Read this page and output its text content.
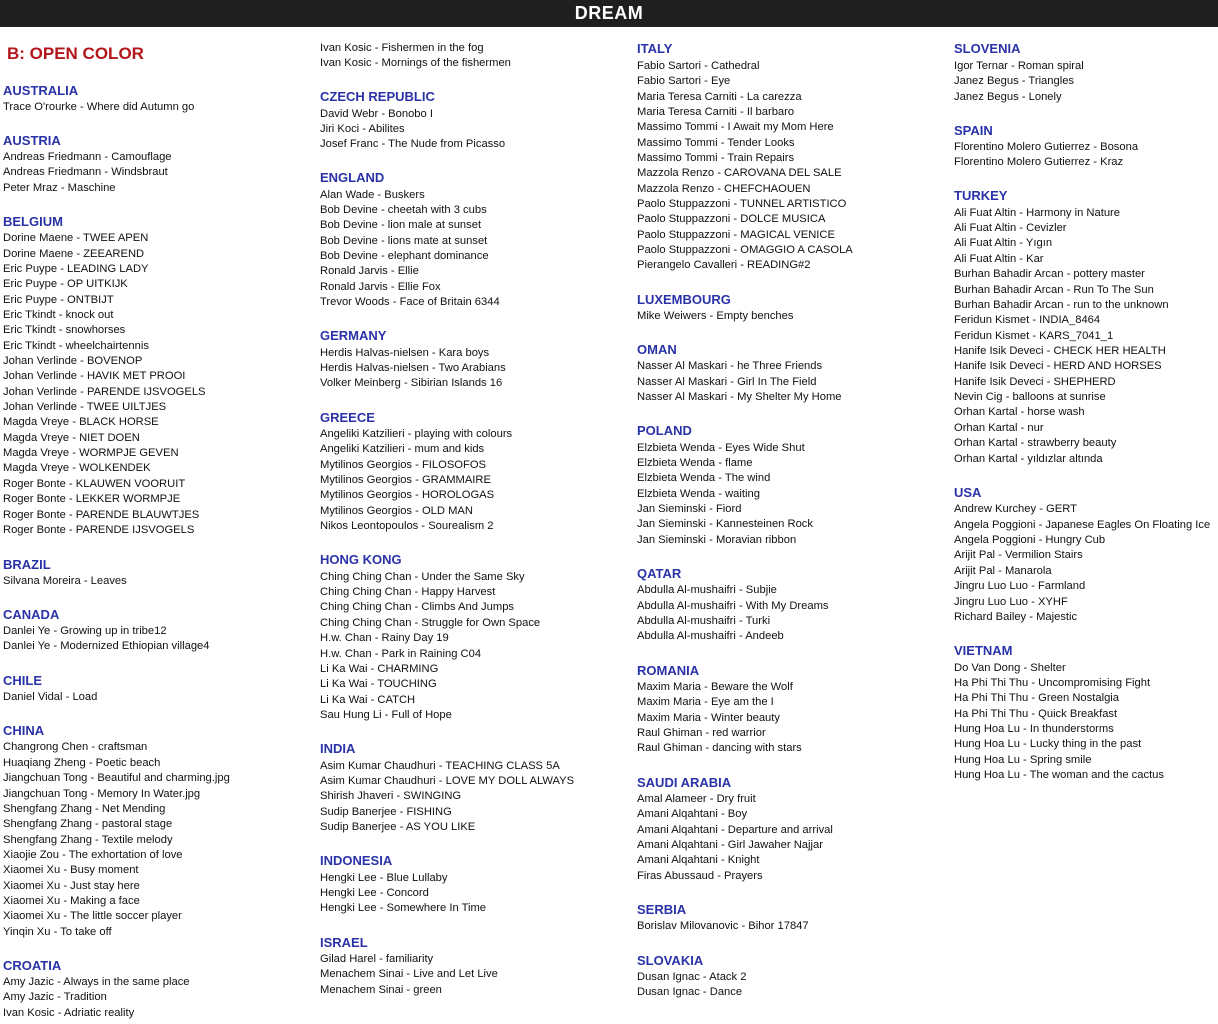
DREAM
B: OPEN COLOR
AUSTRALIA
Trace O'rourke - Where did Autumn go
AUSTRIA
Andreas Friedmann - Camouflage
Andreas Friedmann - Windsbraut
Peter Mraz - Maschine
BELGIUM
Dorine Maene - TWEE APEN
Dorine Maene - ZEEAREND
Eric Puype - LEADING LADY
Eric Puype - OP UITKIJK
Eric Puype - ONTBIJT
Eric Tkindt - knock out
Eric Tkindt - snowhorses
Eric Tkindt - wheelchairtennis
Johan Verlinde - BOVENOP
Johan Verlinde - HAVIK MET PROOI
Johan Verlinde - PARENDE IJSVOGELS
Johan Verlinde - TWEE UILTJES
Magda Vreye - BLACK HORSE
Magda Vreye - NIET DOEN
Magda Vreye - WORMPJE GEVEN
Magda Vreye - WOLKENDEK
Roger Bonte - KLAUWEN VOORUIT
Roger Bonte - LEKKER WORMPJE
Roger Bonte - PARENDE BLAUWTJES
Roger Bonte - PARENDE IJSVOGELS
BRAZIL
Silvana Moreira - Leaves
CANADA
Danlei Ye - Growing up in tribe12
Danlei Ye - Modernized Ethiopian village4
CHILE
Daniel Vidal - Load
CHINA
Changrong Chen - craftsman
Huaqiang Zheng - Poetic beach
Jiangchuan Tong - Beautiful and charming.jpg
Jiangchuan Tong - Memory In Water.jpg
Shengfang Zhang - Net Mending
Shengfang Zhang - pastoral stage
Shengfang Zhang - Textile melody
Xiaojie Zou - The exhortation of love
Xiaomei Xu - Busy moment
Xiaomei Xu - Just stay here
Xiaomei Xu - Making a face
Xiaomei Xu - The little soccer player
Yinqin Xu - To take off
CROATIA
Amy Jazic - Always in the same place
Amy Jazic - Tradition
Ivan Kosic - Adriatic reality
Ivan Kosic - Fishermen in the fog
Ivan Kosic - Mornings of the fishermen
CZECH REPUBLIC
David Webr - Bonobo I
Jiri Koci - Abilites
Josef Franc - The Nude from Picasso
ENGLAND
Alan Wade - Buskers
Bob Devine - cheetah with 3 cubs
Bob Devine - lion male at sunset
Bob Devine - lions mate at sunset
Bob Devine - elephant dominance
Ronald Jarvis - Ellie
Ronald Jarvis - Ellie Fox
Trevor Woods - Face of Britain 6344
GERMANY
Herdis Halvas-nielsen - Kara boys
Herdis Halvas-nielsen - Two Arabians
Volker Meinberg - Sibirian Islands 16
GREECE
Angeliki Katzilieri - playing with colours
Angeliki Katzilieri - mum and kids
Mytilinos Georgios - FILOSOFOS
Mytilinos Georgios - GRAMMAIRE
Mytilinos Georgios - HOROLOGAS
Mytilinos Georgios - OLD MAN
Nikos Leontopoulos - Sourealism 2
HONG KONG
Ching Ching Chan - Under the Same Sky
Ching Ching Chan - Happy Harvest
Ching Ching Chan - Climbs And Jumps
Ching Ching Chan - Struggle for Own Space
H.w. Chan - Rainy Day 19
H.w. Chan - Park in Raining C04
Li Ka Wai - CHARMING
Li Ka Wai - TOUCHING
Li Ka Wai - CATCH
Sau Hung Li - Full of Hope
INDIA
Asim Kumar Chaudhuri - TEACHING CLASS 5A
Asim Kumar Chaudhuri - LOVE MY DOLL ALWAYS
Shirish Jhaveri - SWINGING
Sudip Banerjee - FISHING
Sudip Banerjee - AS YOU LIKE
INDONESIA
Hengki Lee - Blue Lullaby
Hengki Lee - Concord
Hengki Lee - Somewhere In Time
ISRAEL
Gilad Harel - familiarity
Menachem Sinai - Live and Let Live
Menachem Sinai - green
ITALY
Fabio Sartori - Cathedral
Fabio Sartori - Eye
Maria Teresa Carniti - La carezza
Maria Teresa Carniti - Il barbaro
Massimo Tommi - I Await my Mom Here
Massimo Tommi - Tender Looks
Massimo Tommi - Train Repairs
Mazzola Renzo - CAROVANA DEL SALE
Mazzola Renzo - CHEFCHAOUEN
Paolo Stuppazzoni - TUNNEL ARTISTICO
Paolo Stuppazzoni - DOLCE MUSICA
Paolo Stuppazzoni - MAGICAL VENICE
Paolo Stuppazzoni - OMAGGIO A CASOLA
Pierangelo Cavalleri - READING#2
LUXEMBOURG
Mike Weiwers - Empty benches
OMAN
Nasser Al Maskari - he Three Friends
Nasser Al Maskari - Girl In The Field
Nasser Al Maskari - My Shelter My Home
POLAND
Elzbieta Wenda - Eyes Wide Shut
Elzbieta Wenda - flame
Elzbieta Wenda - The wind
Elzbieta Wenda - waiting
Jan Sieminski - Fiord
Jan Sieminski - Kannesteinen Rock
Jan Sieminski - Moravian ribbon
QATAR
Abdulla Al-mushaifri - Subjie
Abdulla Al-mushaifri - With My Dreams
Abdulla Al-mushaifri - Turki
Abdulla Al-mushaifri - Andeeb
ROMANIA
Maxim Maria - Beware the Wolf
Maxim Maria - Eye am the I
Maxim Maria - Winter beauty
Raul Ghiman - red warrior
Raul Ghiman - dancing with stars
SAUDI ARABIA
Amal Alameer - Dry fruit
Amani Alqahtani - Boy
Amani Alqahtani - Departure and arrival
Amani Alqahtani - Girl Jawaher Najjar
Amani Alqahtani - Knight
Firas Abussaud - Prayers
SERBIA
Borislav Milovanovic - Bihor 17847
SLOVAKIA
Dusan Ignac - Atack 2
Dusan Ignac - Dance
SLOVENIA
Igor Ternar - Roman spiral
Janez Begus - Triangles
Janez Begus - Lonely
SPAIN
Florentino Molero Gutierrez - Bosona
Florentino Molero Gutierrez - Kraz
TURKEY
Ali Fuat Altin - Harmony in Nature
Ali Fuat Altin - Cevizler
Ali Fuat Altin - Yıgın
Ali Fuat Altin - Kar
Burhan Bahadir Arcan - pottery master
Burhan Bahadir Arcan - Run To The Sun
Burhan Bahadir Arcan - run to the unknown
Feridun Kismet - INDIA_8464
Feridun Kismet - KARS_7041_1
Hanife Isik Deveci - CHECK HER HEALTH
Hanife Isik Deveci - HERD AND HORSES
Hanife Isik Deveci - SHEPHERD
Nevin Cig - balloons at sunrise
Orhan Kartal - horse wash
Orhan Kartal - nur
Orhan Kartal - strawberry beauty
Orhan Kartal - yıldızlar altında
USA
Andrew Kurchey - GERT
Angela Poggioni - Japanese Eagles On Floating Ice
Angela Poggioni - Hungry Cub
Arijit Pal - Vermilion Stairs
Arijit Pal - Manarola
Jingru Luo Luo - Farmland
Jingru Luo Luo - XYHF
Richard Bailey - Majestic
VIETNAM
Do Van Dong - Shelter
Ha Phi Thi Thu - Uncompromising Fight
Ha Phi Thi Thu - Green Nostalgia
Ha Phi Thi Thu - Quick Breakfast
Hung Hoa Lu - In thunderstorms
Hung Hoa Lu - Lucky thing in the past
Hung Hoa Lu - Spring smile
Hung Hoa Lu - The woman and the cactus
